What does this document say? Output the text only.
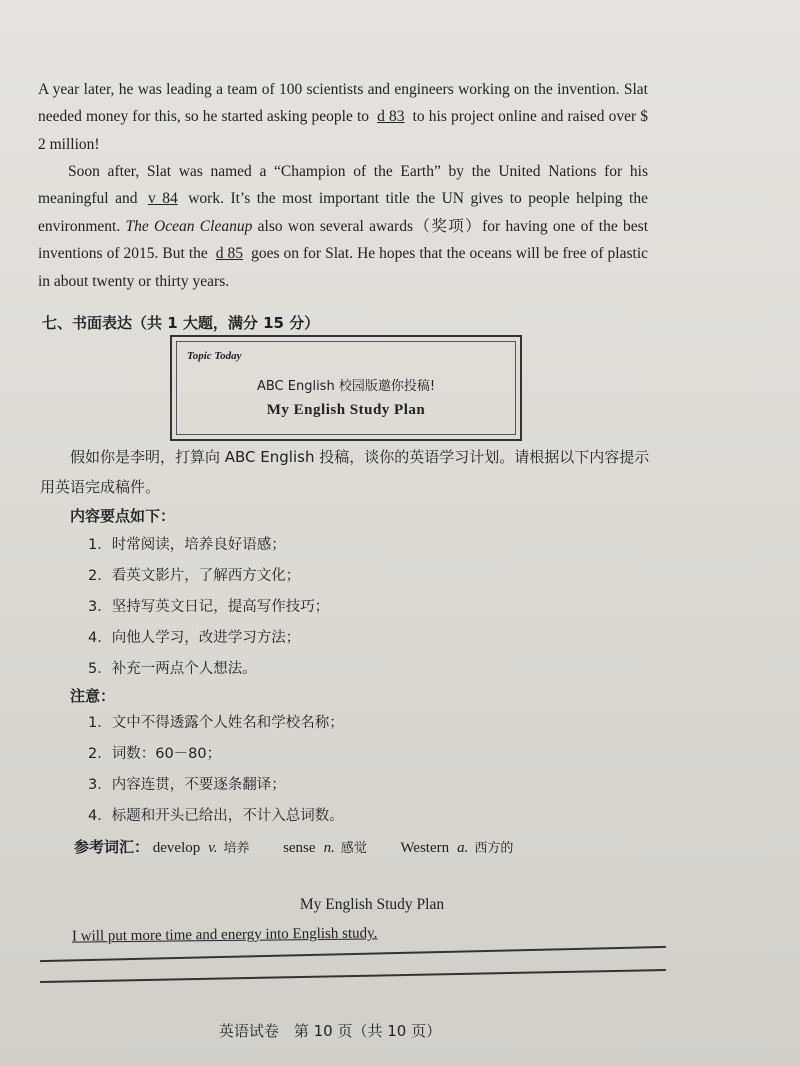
A year later, he was leading a team of 100 scientists and engineers working on the invention. Slat needed money for this, so he started asking people to d 83 to his project online and raised over $ 2 million!

Soon after, Slat was named a “Champion of the Earth” by the United Nations for his meaningful and v 84 work. It’s the most important title the UN gives to people helping the environment. The Ocean Cleanup also won several awards（奖项）for having one of the best inventions of 2015. But the d 85 goes on for Slat. He hopes that the oceans will be free of plastic in about twenty or thirty years.

七、书面表达（共 1 大题，满分 15 分）
Topic Today
ABC English 校园版邀你投稿!
My English Study Plan
假如你是李明，打算向 ABC English 投稿，谈你的英语学习计划。请根据以下内容提示用英语完成稿件。
内容要点如下：
1．时常阅读，培养良好语感；
2．看英文影片，了解西方文化；
3．坚持写英文日记，提高写作技巧；
4．向他人学习，改进学习方法；
5．补充一两点个人想法。
注意：
1．文中不得透露个人姓名和学校名称；
2．词数：60－80；
3．内容连贯，不要逐条翻译；
4．标题和开头已给出，不计入总词数。
参考词汇： develop v. 培养 sense n. 感觉 Western a. 西方的
My English Study Plan
I will put more time and energy into English study.
英语试卷　第 10 页（共 10 页）
